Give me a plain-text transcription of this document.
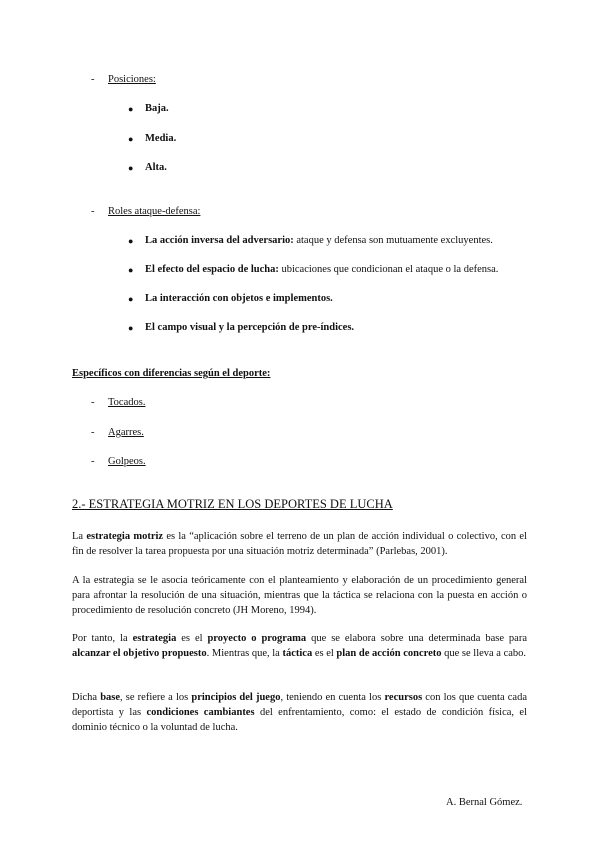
- Posiciones:
● Baja.
● Media.
● Alta.
- Roles ataque-defensa:
● La acción inversa del adversario: ataque y defensa son mutuamente excluyentes.
● El efecto del espacio de lucha: ubicaciones que condicionan el ataque o la defensa.
● La interacción con objetos e implementos.
● El campo visual y la percepción de pre-índices.
Específicos con diferencias según el deporte:
- Tocados.
- Agarres.
- Golpeos.
2.- ESTRATEGIA MOTRIZ EN LOS DEPORTES DE LUCHA
La estrategia motriz es la “aplicación sobre el terreno de un plan de acción individual o colectivo, con el fin de resolver la tarea propuesta por una situación motriz determinada” (Parlebas, 2001).
A la estrategia se le asocia teóricamente con el planteamiento y elaboración de un procedimiento general para afrontar la resolución de una situación, mientras que la táctica se relaciona con la puesta en acción o procedimiento de resolución concreto (JH Moreno, 1994).
Por tanto, la estrategia es el proyecto o programa que se elabora sobre una determinada base para alcanzar el objetivo propuesto. Mientras que, la táctica es el plan de acción concreto que se lleva a cabo.
Dicha base, se refiere a los principios del juego, teniendo en cuenta los recursos con los que cuenta cada deportista y las condiciones cambiantes del enfrentamiento, como: el estado de condición física, el dominio técnico o la voluntad de lucha.
A. Bernal Gómez.
